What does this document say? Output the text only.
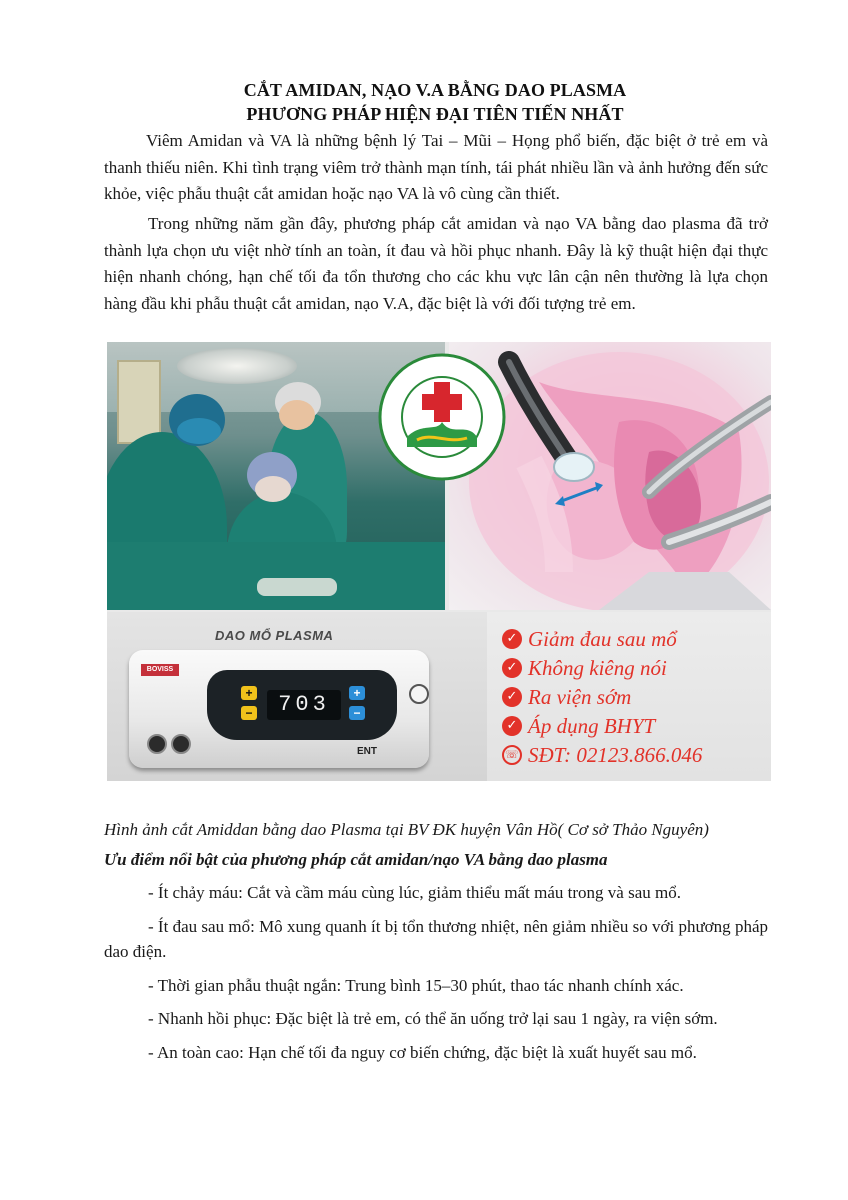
CẮT AMIDAN, NẠO V.A BẰNG DAO PLASMA
PHƯƠNG PHÁP HIỆN ĐẠI TIÊN TIẾN NHẤT
Viêm Amidan và VA là những bệnh lý Tai – Mũi – Họng phổ biến, đặc biệt ở trẻ em và thanh thiếu niên. Khi tình trạng viêm trở thành mạn tính, tái phát nhiều lần và ảnh hưởng đến sức khỏe, việc phẫu thuật cắt amidan hoặc nạo VA là vô cùng cần thiết.
Trong những năm gần đây, phương pháp cắt amidan và nạo VA bằng dao plasma đã trở thành lựa chọn ưu việt nhờ tính an toàn, ít đau và hồi phục nhanh. Đây là kỹ thuật hiện đại thực hiện nhanh chóng, hạn chế tối đa tổn thương cho các khu vực lân cận nên thường là lựa chọn hàng đầu khi phẫu thuật cắt amidan, nạo V.A, đặc biệt là với đối tượng trẻ em.
DAO MỔ PLASMA
BOVISS
+
−	703	+
−
ENT
✓ Giảm đau sau mổ
✓ Không kiêng nói
✓ Ra viện sớm
✓ Áp dụng BHYT
☏ SĐT: 02123.866.046
Hình ảnh cắt Amiddan bằng dao Plasma tại BV ĐK huyện Vân Hồ( Cơ sở Thảo Nguyên)
Ưu điểm nổi bật của phương pháp cắt amidan/nạo VA bằng dao plasma
- Ít chảy máu: Cắt và cầm máu cùng lúc, giảm thiểu mất máu trong và sau mổ.
- Ít đau sau mổ: Mô xung quanh ít bị tổn thương nhiệt, nên giảm nhiều so với phương pháp dao điện.
- Thời gian phẫu thuật ngắn: Trung bình 15–30 phút, thao tác nhanh chính xác.
- Nhanh hồi phục: Đặc biệt là trẻ em, có thể ăn uống trở lại sau 1 ngày, ra viện sớm.
- An toàn cao: Hạn chế tối đa nguy cơ biến chứng, đặc biệt là xuất huyết sau mổ.
